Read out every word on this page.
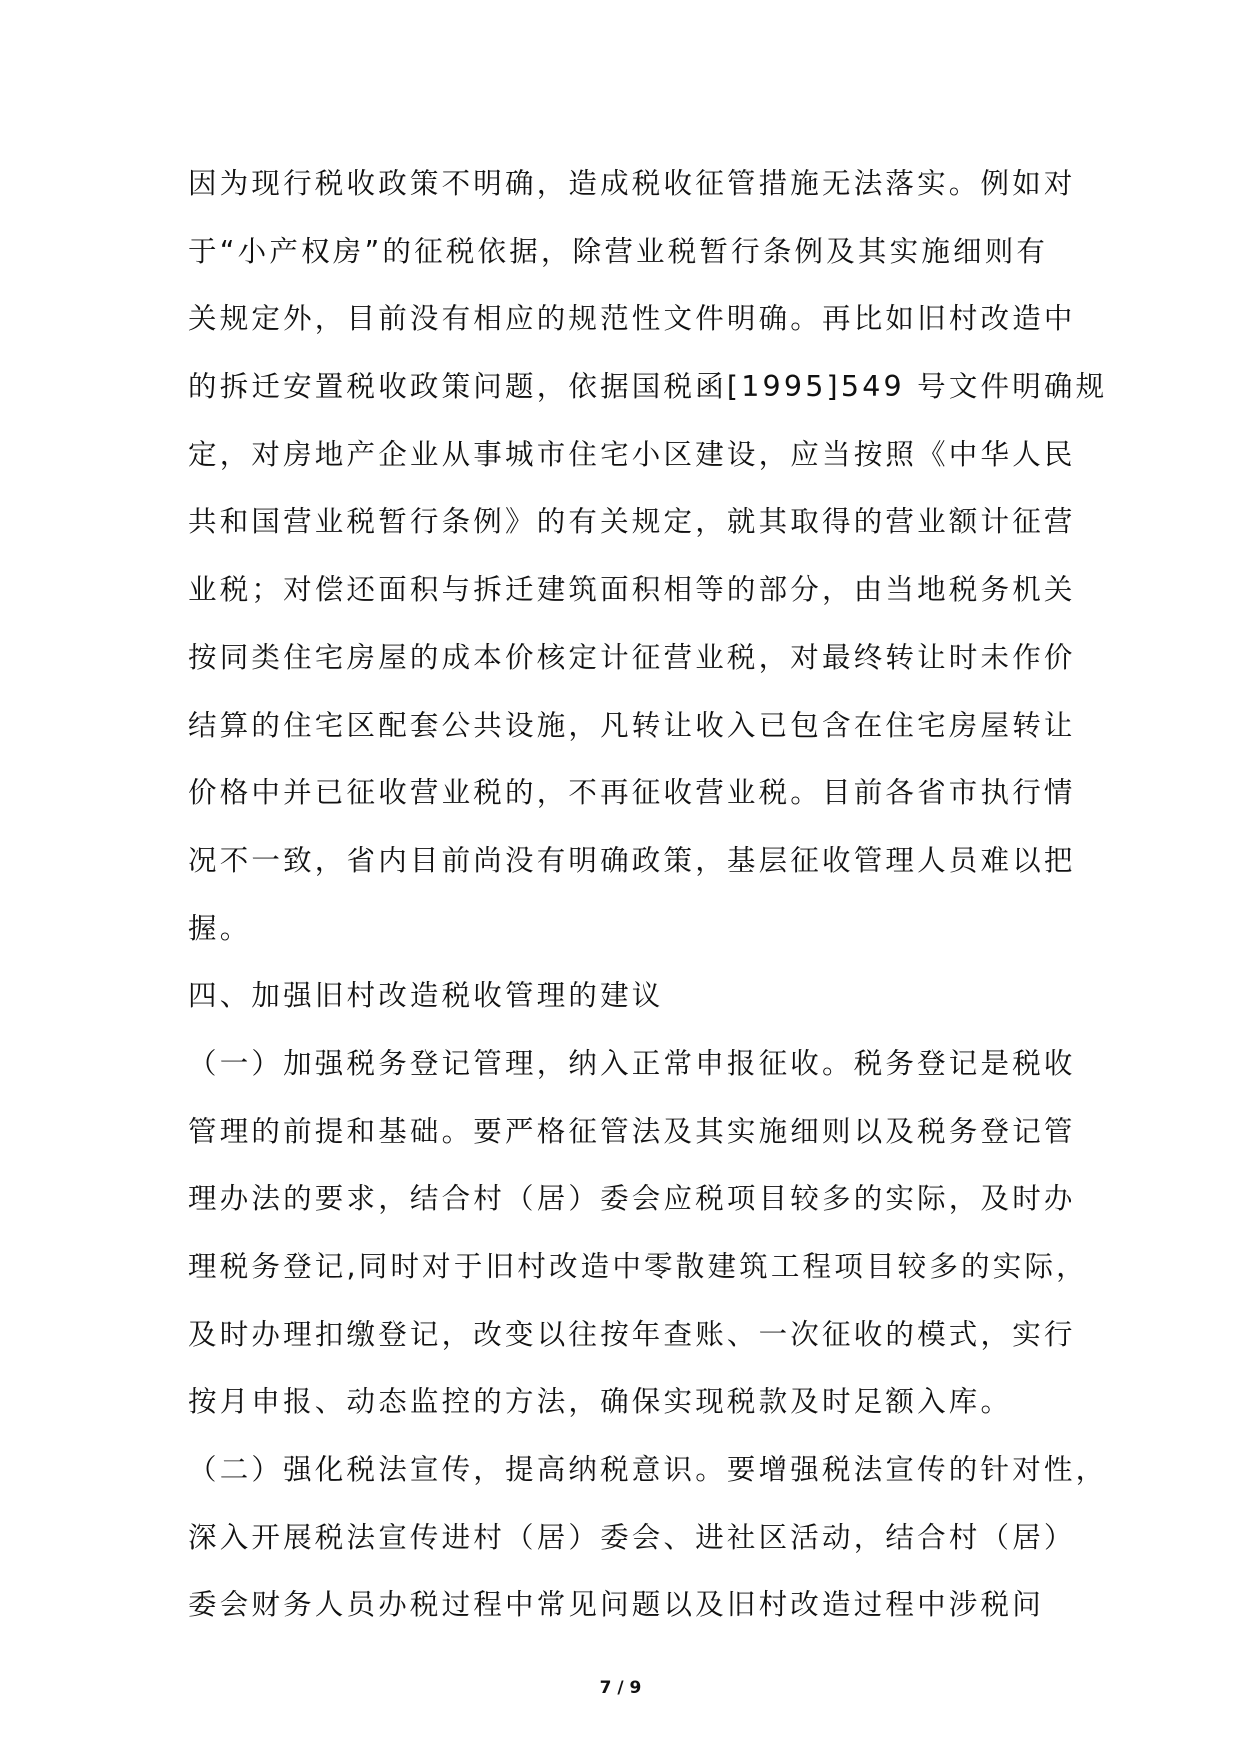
因为现行税收政策不明确，造成税收征管措施无法落实。例如对
于“小产权房”的征税依据，除营业税暂行条例及其实施细则有
关规定外，目前没有相应的规范性文件明确。再比如旧村改造中
的拆迁安置税收政策问题，依据国税函[1995]549 号文件明确规
定，对房地产企业从事城市住宅小区建设，应当按照《中华人民
共和国营业税暂行条例》的有关规定，就其取得的营业额计征营
业税；对偿还面积与拆迁建筑面积相等的部分，由当地税务机关
按同类住宅房屋的成本价核定计征营业税，对最终转让时未作价
结算的住宅区配套公共设施，凡转让收入已包含在住宅房屋转让
价格中并已征收营业税的，不再征收营业税。目前各省市执行情
况不一致，省内目前尚没有明确政策，基层征收管理人员难以把
握。
四、加强旧村改造税收管理的建议
（一）加强税务登记管理，纳入正常申报征收。税务登记是税收
管理的前提和基础。要严格征管法及其实施细则以及税务登记管
理办法的要求，结合村（居）委会应税项目较多的实际，及时办
理税务登记,同时对于旧村改造中零散建筑工程项目较多的实际，
及时办理扣缴登记，改变以往按年查账、一次征收的模式，实行
按月申报、动态监控的方法，确保实现税款及时足额入库。
（二）强化税法宣传，提高纳税意识。要增强税法宣传的针对性，
深入开展税法宣传进村（居）委会、进社区活动，结合村（居）
委会财务人员办税过程中常见问题以及旧村改造过程中涉税问
7 / 9
